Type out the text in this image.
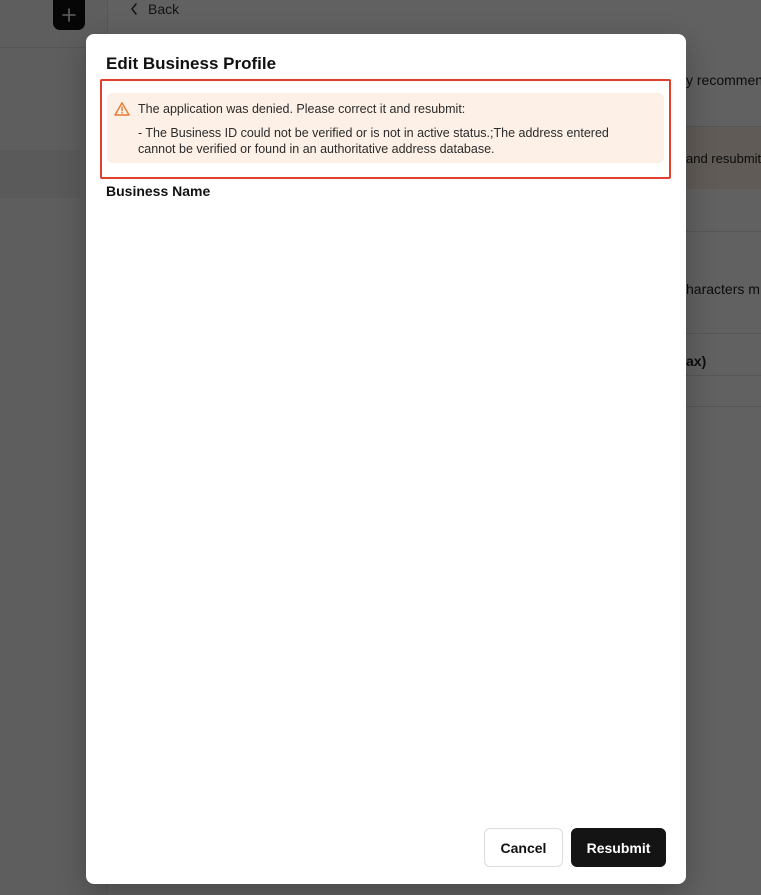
Edit Business Profile
The application was denied. Please correct it and resubmit:
- The Business ID could not be verified or is not in active status.;The address entered cannot be verified or found in an authoritative address database.
Business Name
Cancel	Resubmit
